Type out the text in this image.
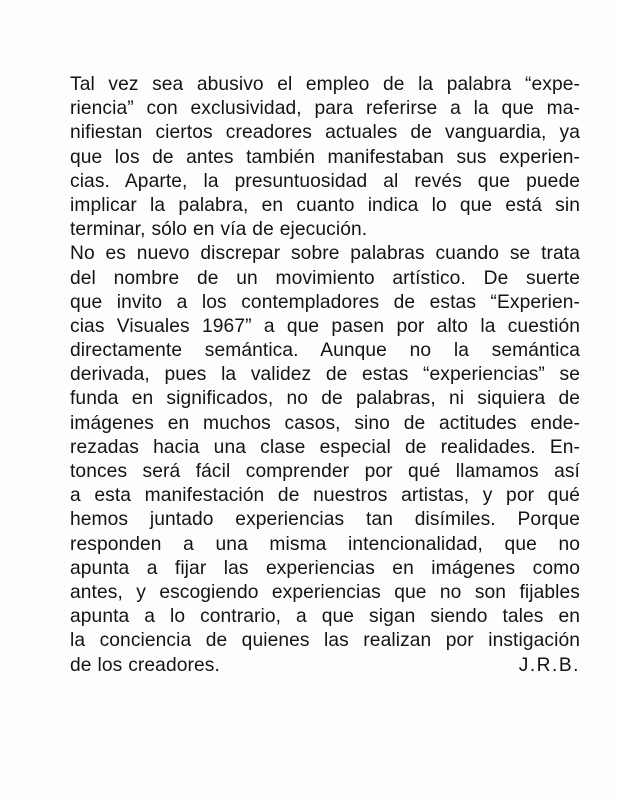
Tal vez sea abusivo el empleo de la palabra “expe-
riencia” con exclusividad, para referirse a la que ma-
nifiestan ciertos creadores actuales de vanguardia, ya
que los de antes también manifestaban sus experien-
cias. Aparte, la presuntuosidad al revés que puede
implicar la palabra, en cuanto indica lo que está sin
terminar, sólo en vía de ejecución.
No es nuevo discrepar sobre palabras cuando se trata
del nombre de un movimiento artístico. De suerte
que invito a los contempladores de estas “Experien-
cias Visuales 1967” a que pasen por alto la cuestión
directamente semántica. Aunque no la semántica
derivada, pues la validez de estas “experiencias” se
funda en significados, no de palabras, ni siquiera de
imágenes en muchos casos, sino de actitudes ende-
rezadas hacia una clase especial de realidades. En-
tonces será fácil comprender por qué llamamos así
a esta manifestación de nuestros artistas, y por qué
hemos juntado experiencias tan disímiles. Porque
responden a una misma intencionalidad, que no
apunta a fijar las experiencias en imágenes como
antes, y escogiendo experiencias que no son fijables
apunta a lo contrario, a que sigan siendo tales en
la conciencia de quienes las realizan por instigación
de los creadores.	J.R.B.
